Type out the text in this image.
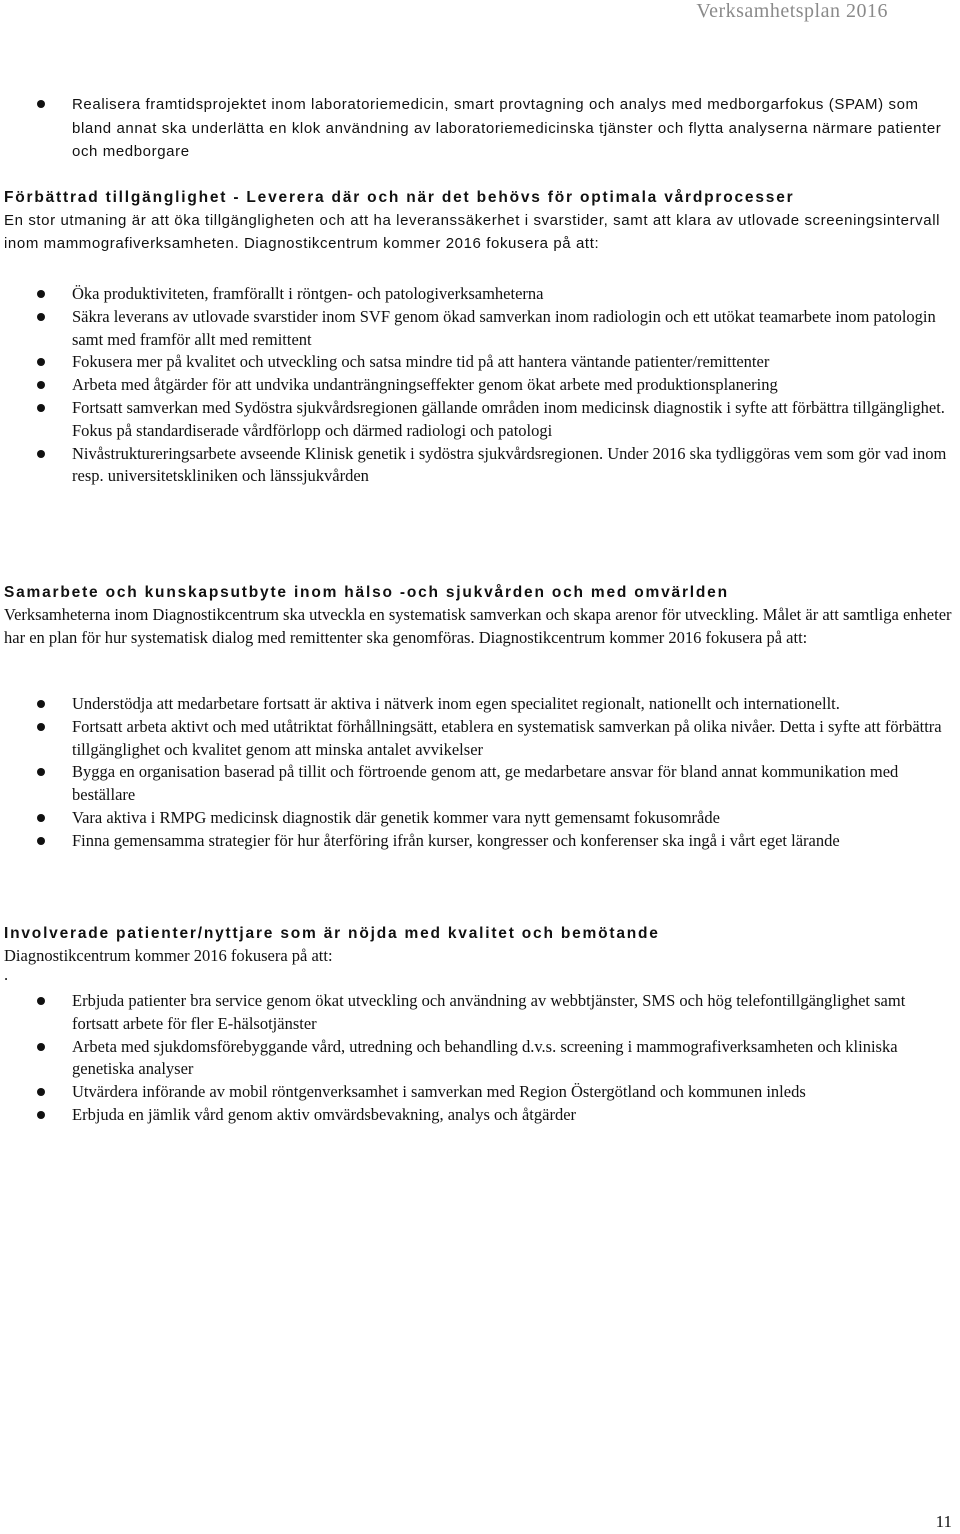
Verksamhetsplan 2016
Realisera framtidsprojektet inom laboratoriemedicin, smart provtagning och analys med medborgarfokus (SPAM) som bland annat ska underlätta en klok användning av laboratoriemedicinska tjänster och flytta analyserna närmare patienter och medborgare
Förbättrad tillgänglighet - Leverera där och när det behövs för optimala vårdprocesser

En stor utmaning är att öka tillgängligheten och att ha leveranssäkerhet i svarstider, samt att klara av utlovade screeningsintervall inom mammografiverksamheten. Diagnostikcentrum kommer 2016 fokusera på att:

Öka produktiviteten, framförallt i röntgen- och patologiverksamheterna
Säkra leverans av utlovade svarstider inom SVF genom ökad samverkan inom radiologin och ett utökat teamarbete inom patologin samt med framför allt med remittent
Fokusera mer på kvalitet och utveckling och satsa mindre tid på att hantera väntande patienter/remittenter
Arbeta med åtgärder för att undvika undanträngningseffekter genom ökat arbete med produktionsplanering
Fortsatt samverkan med Sydöstra sjukvårdsregionen gällande områden inom medicinsk diagnostik i syfte att förbättra tillgänglighet. Fokus på standardiserade vårdförlopp och därmed radiologi och patologi
Nivåstruktureringsarbete avseende Klinisk genetik i sydöstra sjukvårdsregionen. Under 2016 ska tydliggöras vem som gör vad inom resp. universitetskliniken och länssjukvården
Samarbete och kunskapsutbyte inom hälso -och sjukvården och med omvärlden

Verksamheterna inom Diagnostikcentrum ska utveckla en systematisk samverkan och skapa arenor för utveckling. Målet är att samtliga enheter har en plan för hur systematisk dialog med remittenter ska genomföras. Diagnostikcentrum kommer 2016 fokusera på att:

Understödja att medarbetare fortsatt är aktiva i nätverk inom egen specialitet regionalt, nationellt och internationellt.
Fortsatt arbeta aktivt och med utåtriktat förhållningsätt, etablera en systematisk samverkan på olika nivåer. Detta i syfte att förbättra tillgänglighet och kvalitet genom att minska antalet avvikelser
Bygga en organisation baserad på tillit och förtroende genom att, ge medarbetare ansvar för bland annat kommunikation med beställare
Vara aktiva i RMPG medicinsk diagnostik där genetik kommer vara nytt gemensamt fokusområde
Finna gemensamma strategier för hur återföring ifrån kurser, kongresser och konferenser ska ingå i vårt eget lärande
Involverade patienter/nyttjare som är nöjda med kvalitet och bemötande

Diagnostikcentrum kommer 2016 fokusera på att:

.

Erbjuda patienter bra service genom ökat utveckling och användning av webbtjänster, SMS och hög telefontillgänglighet samt fortsatt arbete för fler E-hälsotjänster
Arbeta med sjukdomsförebyggande vård, utredning och behandling d.v.s. screening i mammografiverksamheten och kliniska genetiska analyser
Utvärdera införande av mobil röntgenverksamhet i samverkan med Region Östergötland och kommunen inleds
Erbjuda en jämlik vård genom aktiv omvärdsbevakning, analys och åtgärder
11
